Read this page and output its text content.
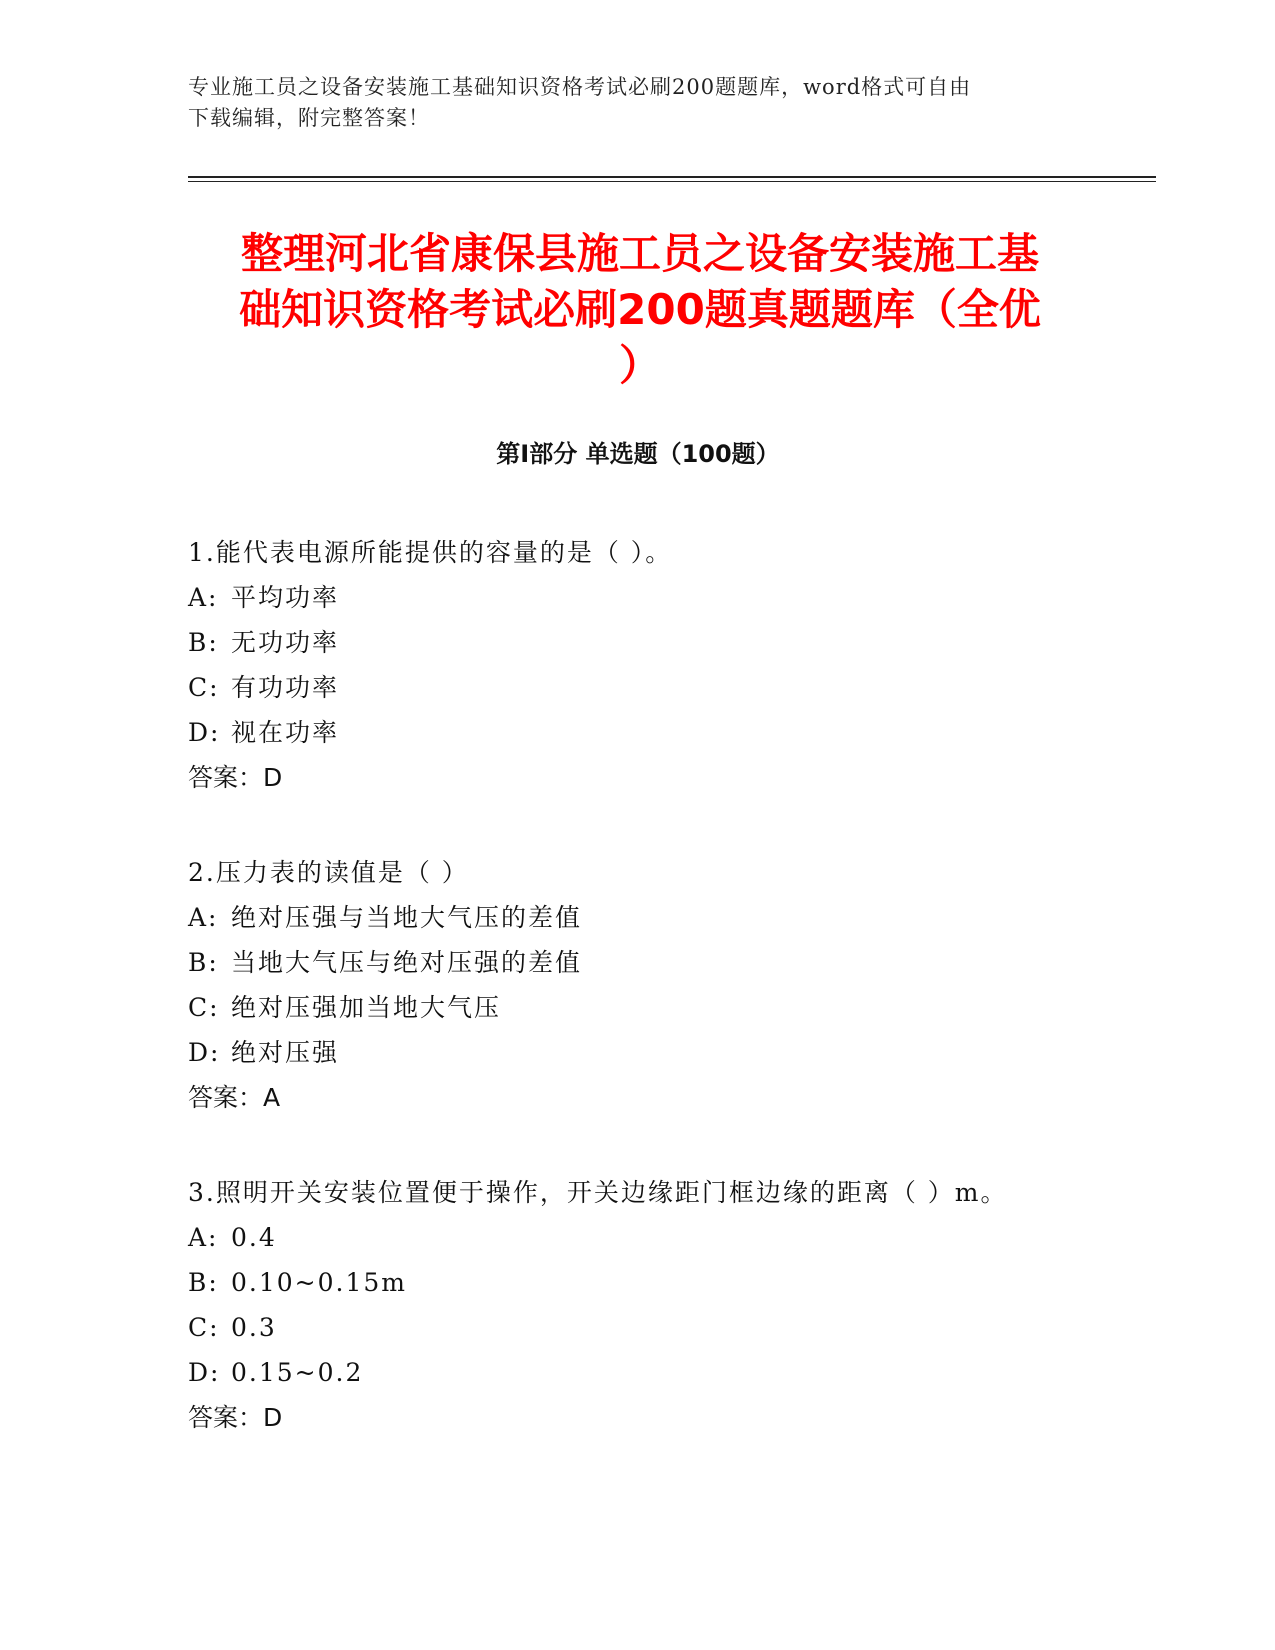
专业施工员之设备安装施工基础知识资格考试必刷200题题库，word格式可自由
下载编辑，附完整答案！
整理河北省康保县施工员之设备安装施工基
础知识资格考试必刷200题真题题库（全优
）
第Ⅰ部分 单选题（100题）
1.能代表电源所能提供的容量的是（ ）。
A: 平均功率
B: 无功功率
C: 有功功率
D: 视在功率
答案：D
2.压力表的读值是（ ）
A: 绝对压强与当地大气压的差值
B: 当地大气压与绝对压强的差值
C: 绝对压强加当地大气压
D: 绝对压强
答案：A
3.照明开关安装位置便于操作，开关边缘距门框边缘的距离（ ）m。
A: 0.4
B: 0.10~0.15m
C: 0.3
D: 0.15~0.2
答案：D
